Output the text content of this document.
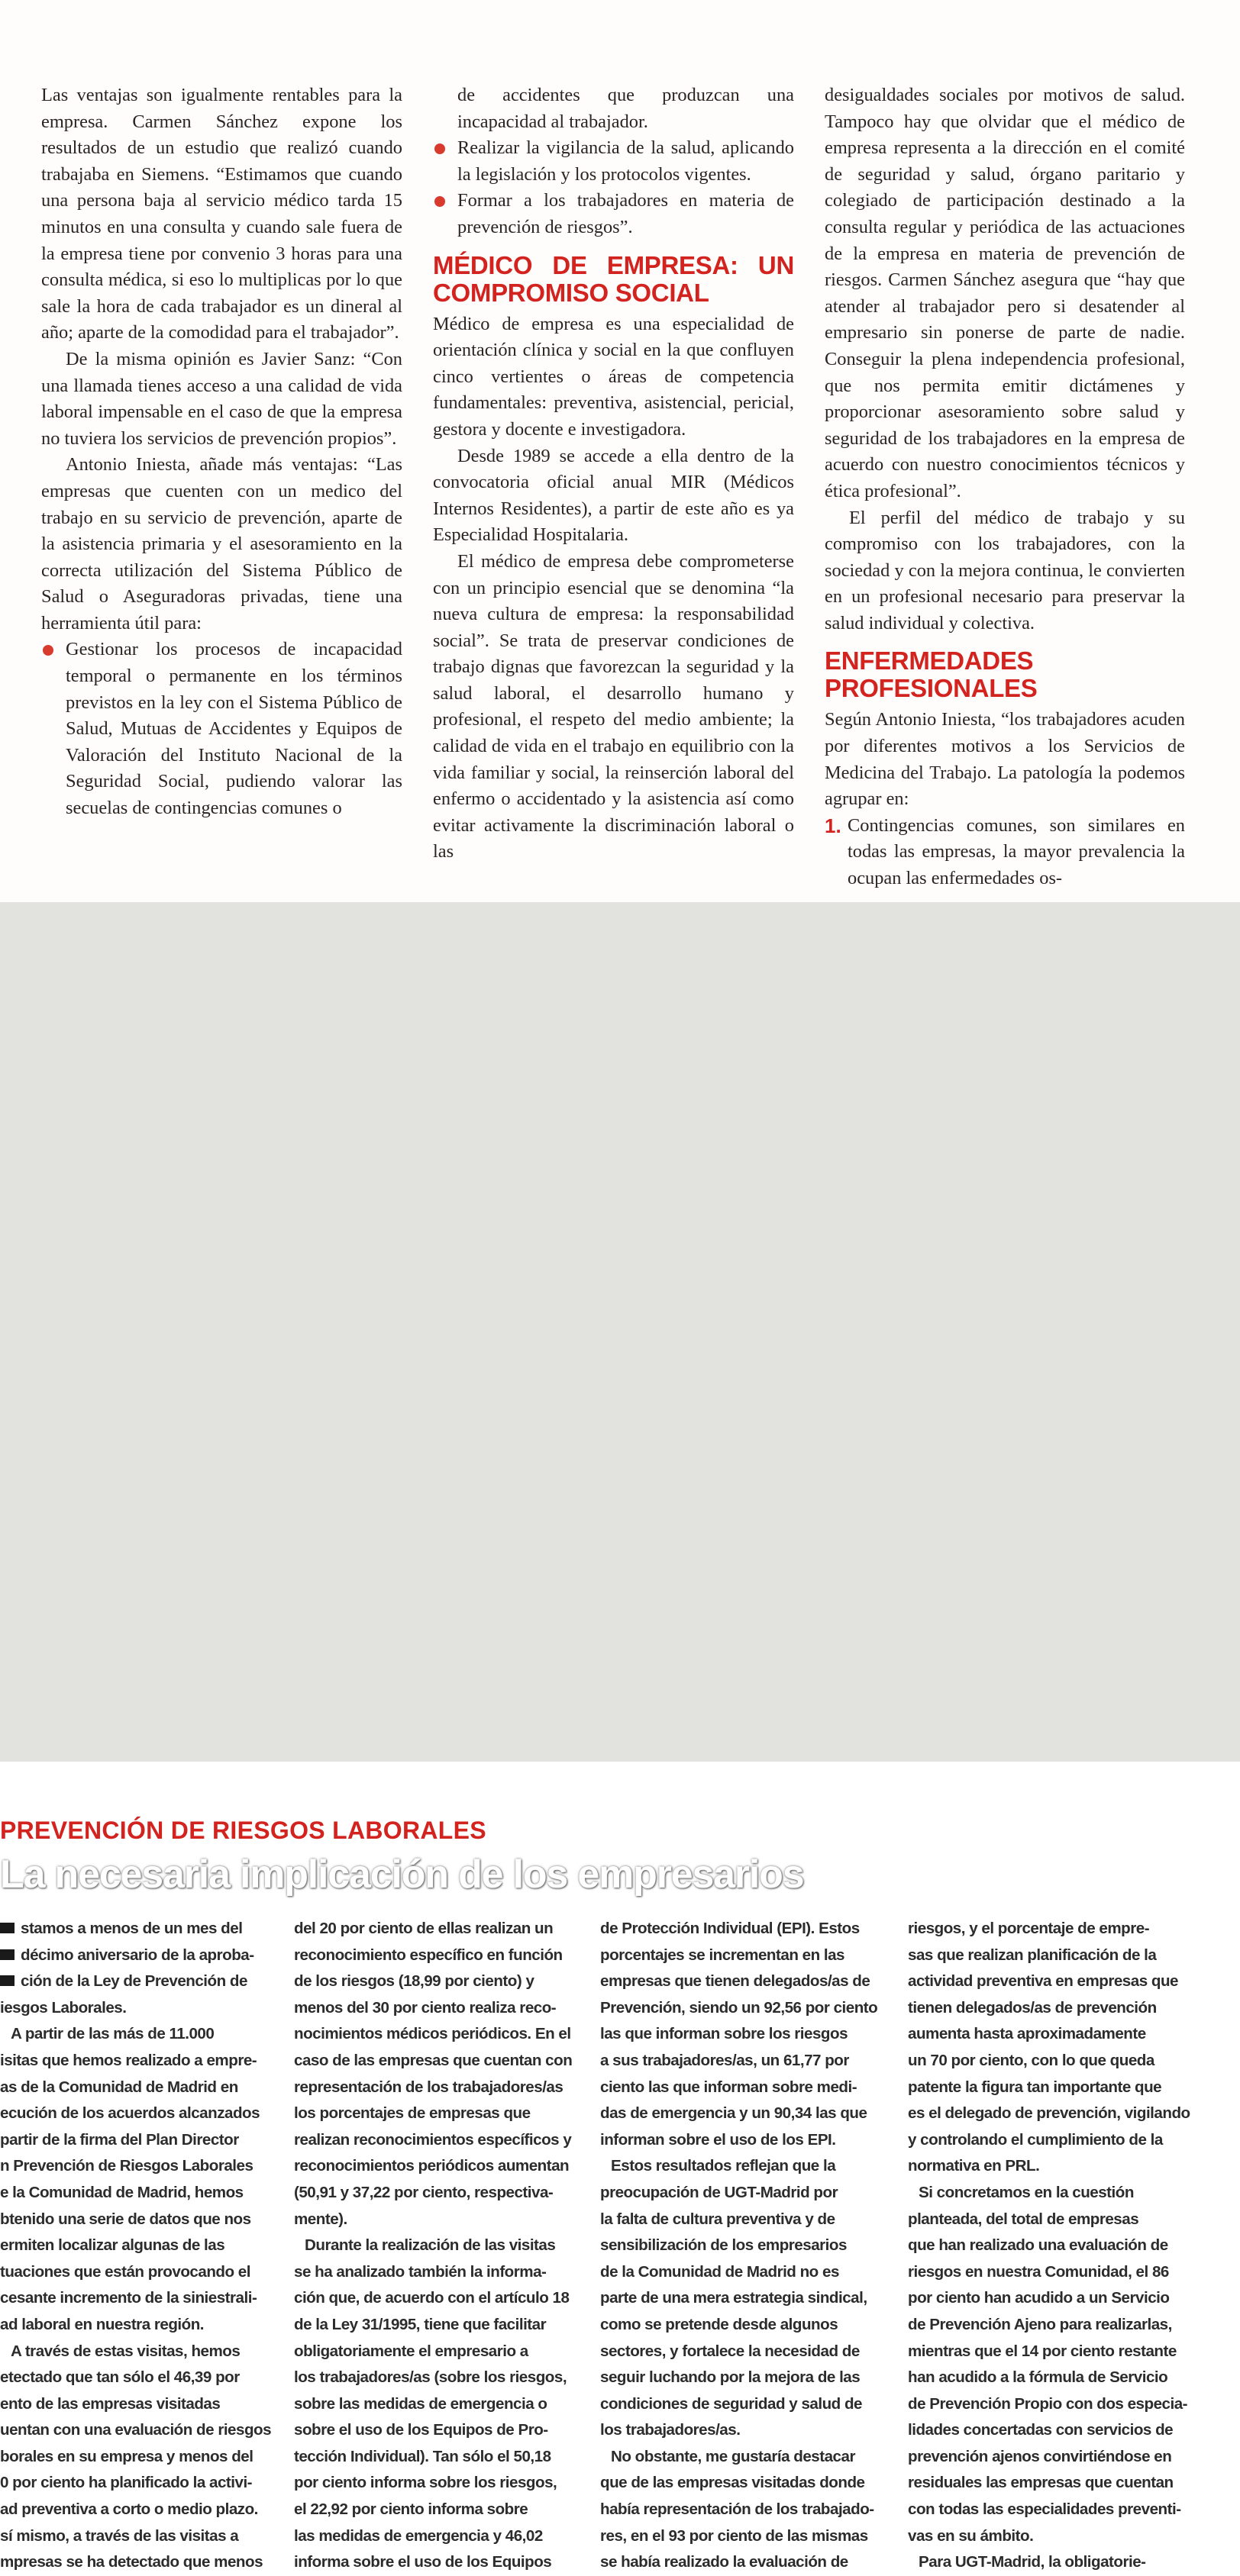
Las ventajas son igualmente rentables para la empresa. Carmen Sánchez expone los resultados de un estudio que realizó cuando trabajaba en Siemens. “Estimamos que cuando una persona baja al servicio médico tarda 15 minutos en una consulta y cuando sale fuera de la empresa tiene por convenio 3 horas para una consulta médica, si eso lo multiplicas por lo que sale la hora de cada trabajador es un dineral al año; aparte de la comodidad para el trabajador”.

De la misma opinión es Javier Sanz: “Con una llamada tienes acceso a una calidad de vida laboral impensable en el caso de que la empresa no tuviera los servicios de prevención propios”.

Antonio Iniesta, añade más ventajas: “Las empresas que cuenten con un medico del trabajo en su servicio de prevención, aparte de la asistencia primaria y el asesoramiento en la correcta utilización del Sistema Público de Salud o Aseguradoras privadas, tiene una herramienta útil para:

Gestionar los procesos de incapacidad temporal o permanente en los términos previstos en la ley con el Sistema Público de Salud, Mutuas de Accidentes y Equipos de Valoración del Instituto Nacional de la Seguridad Social, pudiendo valorar las secuelas de contingencias comunes o
de accidentes que produzcan una incapacidad al trabajador.
Realizar la vigilancia de la salud, aplicando la legislación y los protocolos vigentes.
Formar a los trabajadores en materia de prevención de riesgos”.
MÉDICO DE EMPRESA: UN COMPROMISO SOCIAL

Médico de empresa es una especialidad de orientación clínica y social en la que confluyen cinco vertientes o áreas de competencia fundamentales: preventiva, asistencial, pericial, gestora y docente e investigadora.

Desde 1989 se accede a ella dentro de la convocatoria oficial anual MIR (Médicos Internos Residentes), a partir de este año es ya Especialidad Hospitalaria.

El médico de empresa debe comprometerse con un principio esencial que se denomina “la nueva cultura de empresa: la responsabilidad social”. Se trata de preservar condiciones de trabajo dignas que favorezcan la seguridad y la salud laboral, el desarrollo humano y profesional, el respeto del medio ambiente; la calidad de vida en el trabajo en equilibrio con la vida familiar y social, la reinserción laboral del enfermo o accidentado y la asistencia así como evitar activamente la discriminación laboral o las

desigualdades sociales por motivos de salud. Tampoco hay que olvidar que el médico de empresa representa a la dirección en el comité de seguridad y salud, órgano paritario y colegiado de participación destinado a la consulta regular y periódica de las actuaciones de la empresa en materia de prevención de riesgos. Carmen Sánchez asegura que “hay que atender al trabajador pero si desatender al empresario sin ponerse de parte de nadie. Conseguir la plena independencia profesional, que nos permita emitir dictámenes y proporcionar asesoramiento sobre salud y seguridad de los trabajadores en la empresa de acuerdo con nuestro conocimientos técnicos y ética profesional”.

El perfil del médico de trabajo y su compromiso con los trabajadores, con la sociedad y con la mejora continua, le convierten en un profesional necesario para preservar la salud individual y colectiva.

ENFERMEDADES PROFESIONALES

Según Antonio Iniesta, “los trabajadores acuden por diferentes motivos a los Servicios de Medicina del Trabajo. La patología la podemos agrupar en:

1. Contingencias comunes, son similares en todas las empresas, la mayor prevalencia la ocupan las enfermedades os-
PREVENCIÓN DE RIESGOS LABORALES
La necesaria implicación de los empresarios
stamos a menos de un mes del
décimo aniversario de la aproba-
ción de la Ley de Prevención de
iesgos Laborales.
A partir de las más de 11.000
isitas que hemos realizado a empre-
as de la Comunidad de Madrid en
ecución de los acuerdos alcanzados
partir de la firma del Plan Director
n Prevención de Riesgos Laborales
e la Comunidad de Madrid, hemos
btenido una serie de datos que nos
ermiten localizar algunas de las
tuaciones que están provocando el
cesante incremento de la siniestrali-
ad laboral en nuestra región.
A través de estas visitas, hemos
etectado que tan sólo el 46,39 por
ento de las empresas visitadas
uentan con una evaluación de riesgos
borales en su empresa y menos del
0 por ciento ha planificado la activi-
ad preventiva a corto o medio plazo.
sí mismo, a través de las visitas a
mpresas se ha detectado que menos
del 20 por ciento de ellas realizan un
reconocimiento específico en función
de los riesgos (18,99 por ciento) y
menos del 30 por ciento realiza reco-
nocimientos médicos periódicos. En el
caso de las empresas que cuentan con
representación de los trabajadores/as
los porcentajes de empresas que
realizan reconocimientos específicos y
reconocimientos periódicos aumentan
(50,91 y 37,22 por ciento, respectiva-
mente).
Durante la realización de las visitas
se ha analizado también la informa-
ción que, de acuerdo con el artículo 18
de la Ley 31/1995, tiene que facilitar
obligatoriamente el empresario a
los trabajadores/as (sobre los riesgos,
sobre las medidas de emergencia o
sobre el uso de los Equipos de Pro-
tección Individual). Tan sólo el 50,18
por ciento informa sobre los riesgos,
el 22,92 por ciento informa sobre
las medidas de emergencia y 46,02
informa sobre el uso de los Equipos
de Protección Individual (EPI). Estos
porcentajes se incrementan en las
empresas que tienen delegados/as de
Prevención, siendo un 92,56 por ciento
las que informan sobre los riesgos
a sus trabajadores/as, un 61,77 por
ciento las que informan sobre medi-
das de emergencia y un 90,34 las que
informan sobre el uso de los EPI.
Estos resultados reflejan que la
preocupación de UGT-Madrid por
la falta de cultura preventiva y de
sensibilización de los empresarios
de la Comunidad de Madrid no es
parte de una mera estrategia sindical,
como se pretende desde algunos
sectores, y fortalece la necesidad de
seguir luchando por la mejora de las
condiciones de seguridad y salud de
los trabajadores/as.
No obstante, me gustaría destacar
que de las empresas visitadas donde
había representación de los trabajado-
res, en el 93 por ciento de las mismas
se había realizado la evaluación de
riesgos, y el porcentaje de empre-
sas que realizan planificación de la
actividad preventiva en empresas que
tienen delegados/as de prevención
aumenta hasta aproximadamente
un 70 por ciento, con lo que queda
patente la figura tan importante que
es el delegado de prevención, vigilando
y controlando el cumplimiento de la
normativa en PRL.
Si concretamos en la cuestión
planteada, del total de empresas
que han realizado una evaluación de
riesgos en nuestra Comunidad, el 86
por ciento han acudido a un Servicio
de Prevención Ajeno para realizarlas,
mientras que el 14 por ciento restante
han acudido a la fórmula de Servicio
de Prevención Propio con dos especia-
lidades concertadas con servicios de
prevención ajenos convirtiéndose en
residuales las empresas que cuentan
con todas las especialidades preventi-
vas en su ámbito.
Para UGT-Madrid, la obligatorie-
